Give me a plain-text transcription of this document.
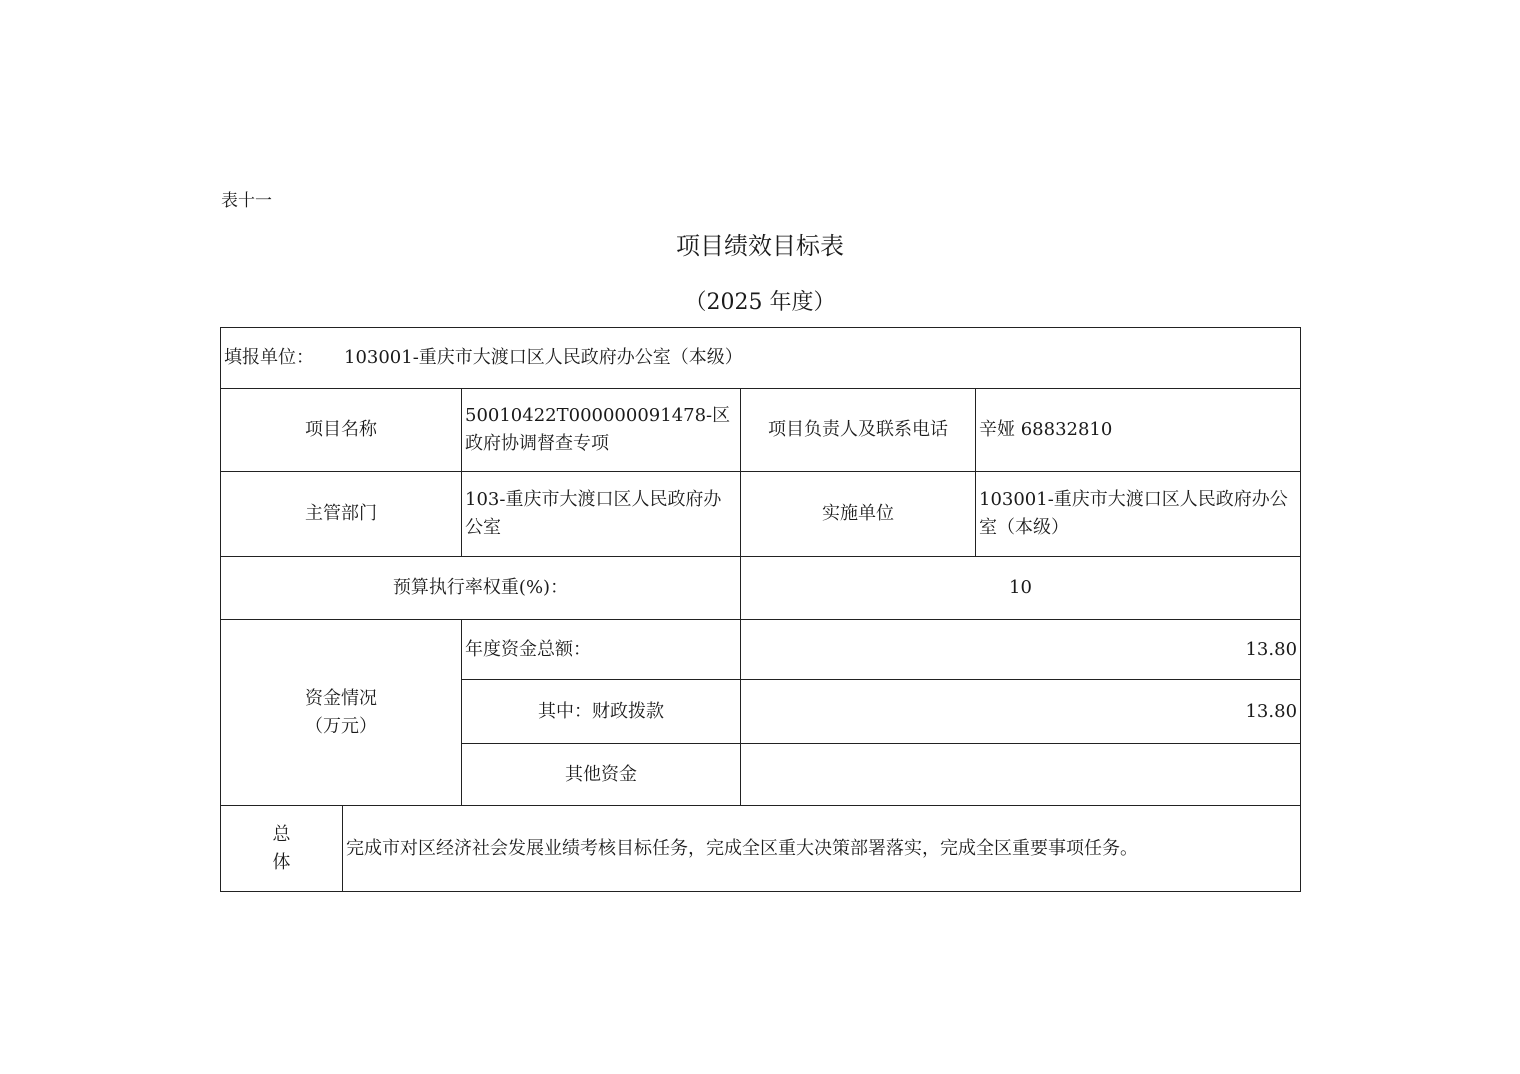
表十一
项目绩效目标表
（2025 年度）
填报单位： 103001-重庆市大渡口区人民政府办公室（本级）				
项目名称		50010422T000000091478-区政府协调督查专项	项目负责人及联系电话	辛娅 68832810
主管部门		103-重庆市大渡口区人民政府办公室	实施单位	103001-重庆市大渡口区人民政府办公室（本级）
预算执行率权重(%)：			10	

资金情况
（万元）		年度资金总额：	13.80	
		其中：财政拨款	13.80	
		其他资金		

总
体	完成市对区经济社会发展业绩考核目标任务，完成全区重大决策部署落实，完成全区重要事项任务。			
